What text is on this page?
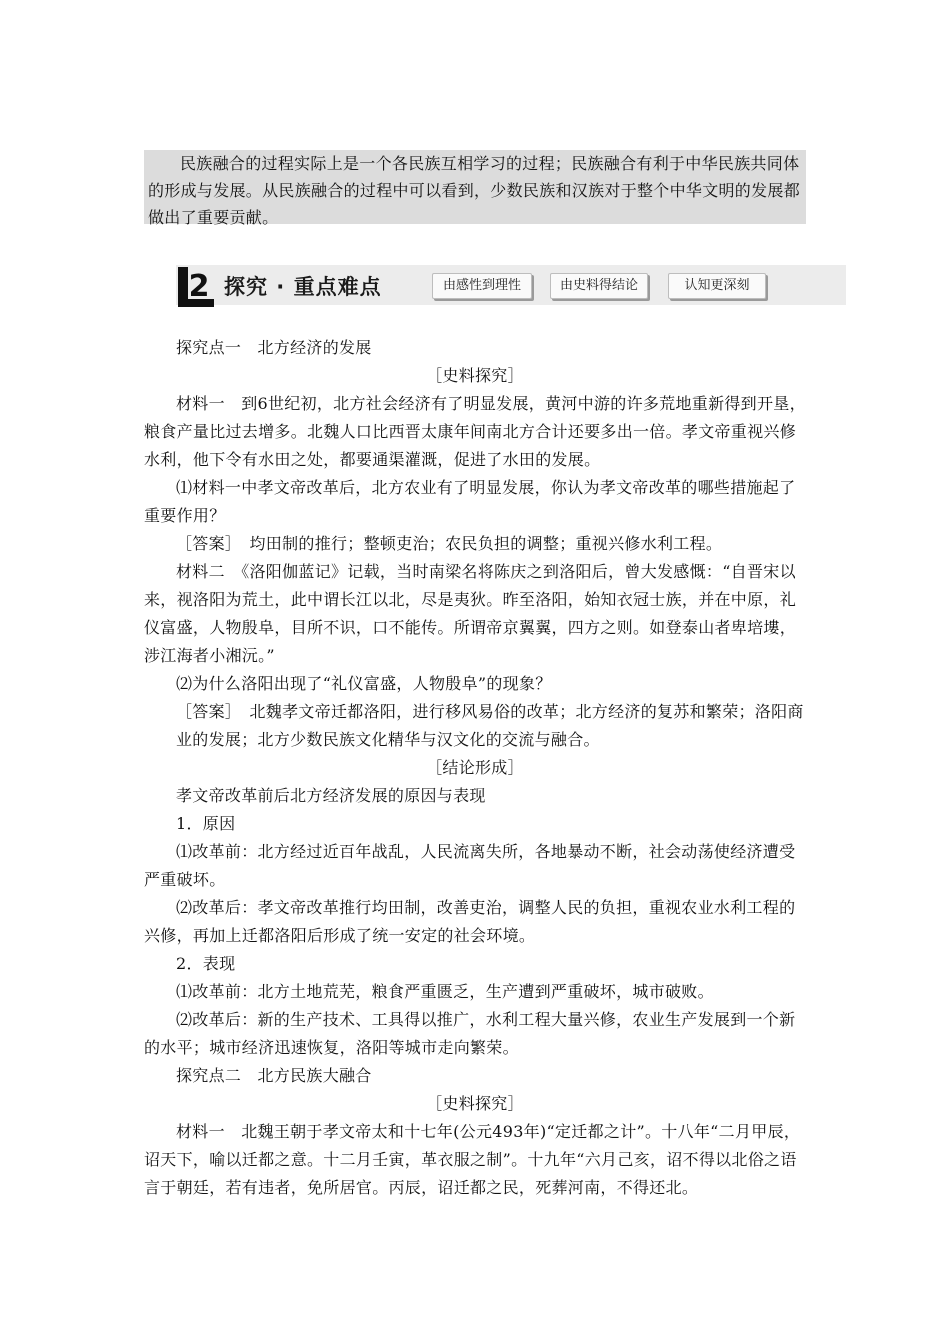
民族融合的过程实际上是一个各民族互相学习的过程；民族融合有利于中华民族共同体的形成与发展。从民族融合的过程中可以看到，少数民族和汉族对于整个中华文明的发展都做出了重要贡献。

2 探究 · 重点难点	由感性到理性	由史料得结论	认知更深刻

探究点一　北方经济的发展

［史料探究］

材料一　到6世纪初，北方社会经济有了明显发展，黄河中游的许多荒地重新得到开垦，粮食产量比过去增多。北魏人口比西晋太康年间南北方合计还要多出一倍。孝文帝重视兴修水利，他下令有水田之处，都要通渠灌溉，促进了水田的发展。

⑴材料一中孝文帝改革后，北方农业有了明显发展，你认为孝文帝改革的哪些措施起了重要作用？

［答案］　均田制的推行；整顿吏治；农民负担的调整；重视兴修水利工程。

材料二　《洛阳伽蓝记》记载，当时南梁名将陈庆之到洛阳后，曾大发感慨：“自晋宋以来，视洛阳为荒土，此中谓长江以北，尽是夷狄。昨至洛阳，始知衣冠士族，并在中原，礼仪富盛，人物殷阜，目所不识，口不能传。所谓帝京翼翼，四方之则。如登泰山者卑培塿，涉江海者小湘沅。”

⑵为什么洛阳出现了“礼仪富盛，人物殷阜”的现象？

［答案］　北魏孝文帝迁都洛阳，进行移风易俗的改革；北方经济的复苏和繁荣；洛阳商

业的发展；北方少数民族文化精华与汉文化的交流与融合。

［结论形成］

孝文帝改革前后北方经济发展的原因与表现

1．原因

⑴改革前：北方经过近百年战乱，人民流离失所，各地暴动不断，社会动荡使经济遭受严重破坏。

⑵改革后：孝文帝改革推行均田制，改善吏治，调整人民的负担，重视农业水利工程的兴修，再加上迁都洛阳后形成了统一安定的社会环境。

2．表现

⑴改革前：北方土地荒芜，粮食严重匮乏，生产遭到严重破坏，城市破败。

⑵改革后：新的生产技术、工具得以推广，水利工程大量兴修，农业生产发展到一个新的水平；城市经济迅速恢复，洛阳等城市走向繁荣。

探究点二　北方民族大融合

［史料探究］

材料一　北魏王朝于孝文帝太和十七年(公元493年)“定迁都之计”。十八年“二月甲辰，诏天下，喻以迁都之意。十二月壬寅，革衣服之制”。十九年“六月己亥，诏不得以北俗之语言于朝廷，若有违者，免所居官。丙辰，诏迁都之民，死葬河南，不得还北。
